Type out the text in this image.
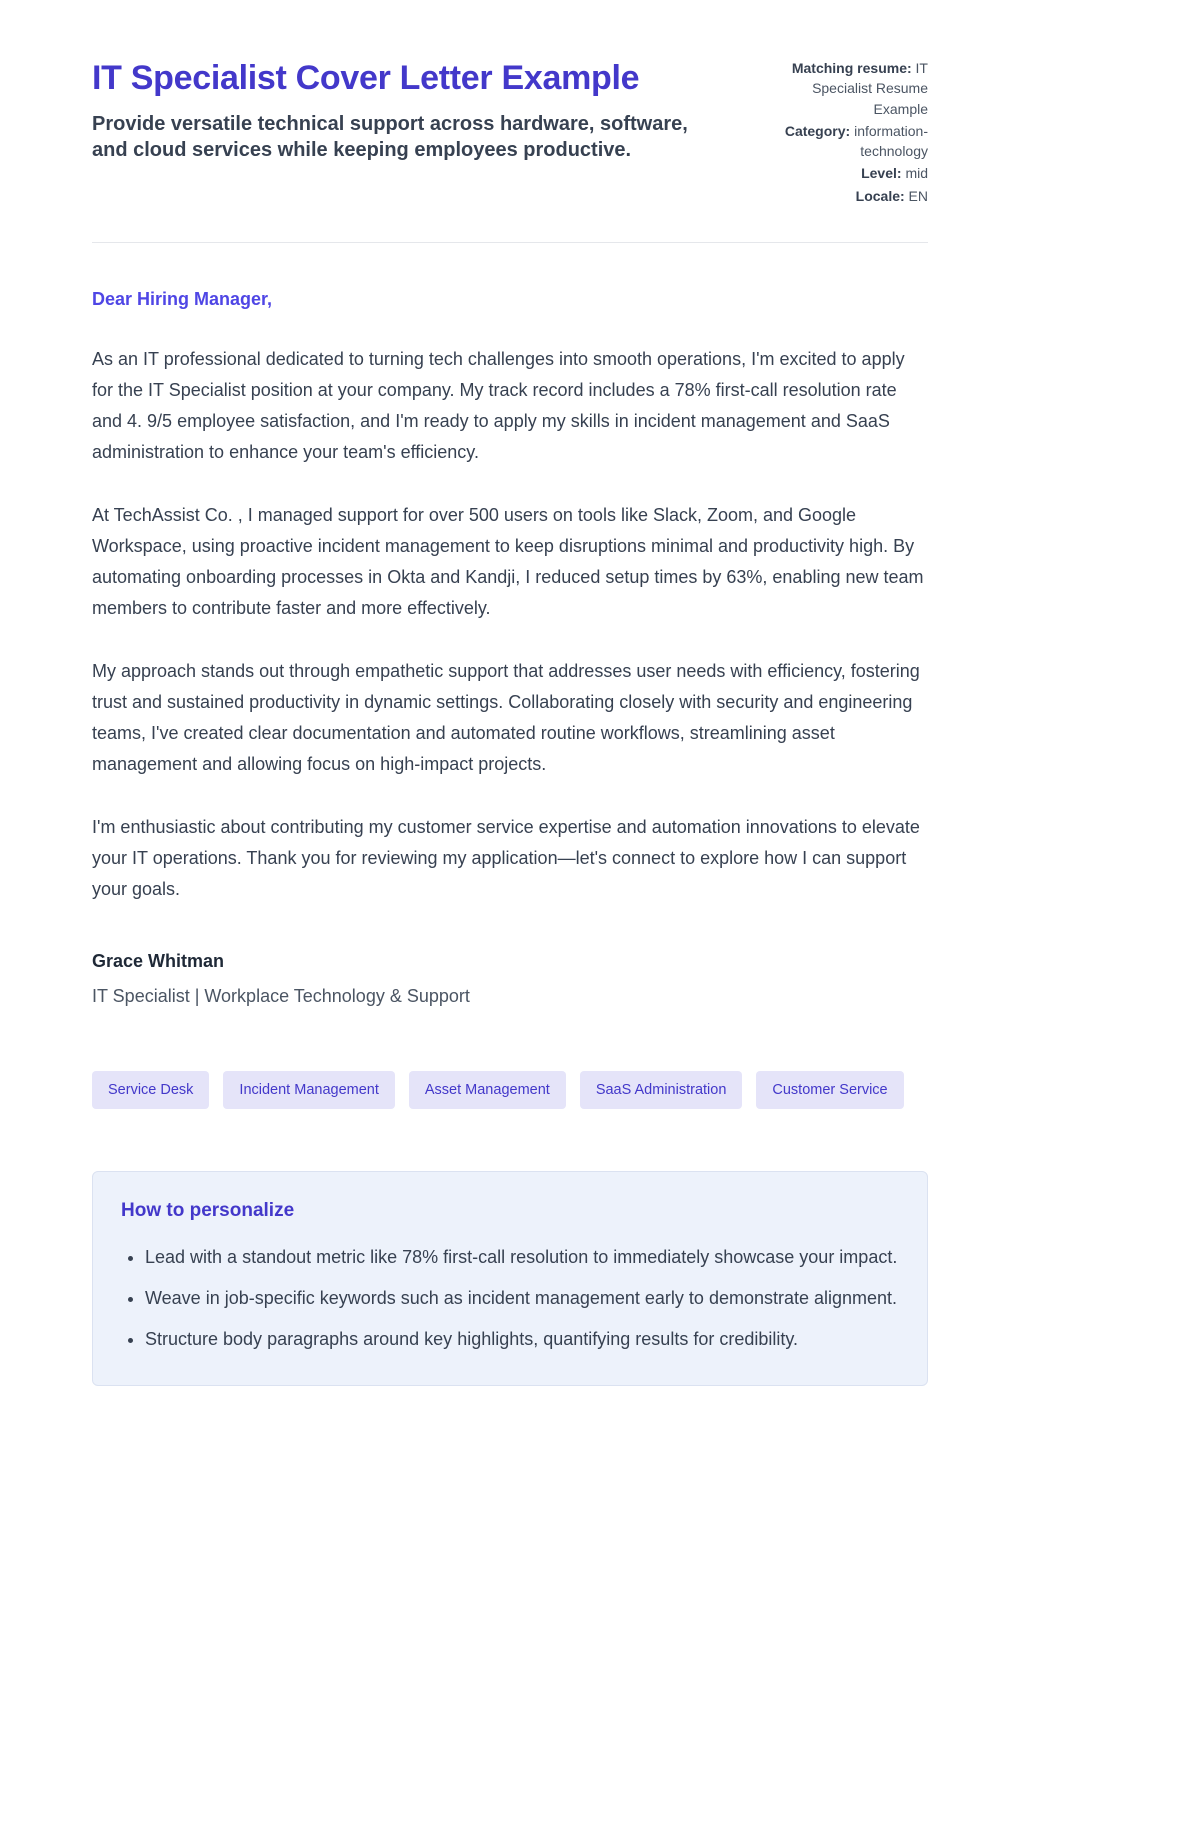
IT Specialist Cover Letter Example

Provide versatile technical support across hardware, software, and cloud services while keeping employees productive.

Matching resume: IT Specialist Resume Example
Category: information-technology
Level: mid
Locale: EN

Dear Hiring Manager,

As an IT professional dedicated to turning tech challenges into smooth operations, I'm excited to apply for the IT Specialist position at your company. My track record includes a 78% first-call resolution rate and 4. 9/5 employee satisfaction, and I'm ready to apply my skills in incident management and SaaS administration to enhance your team's efficiency.

At TechAssist Co. , I managed support for over 500 users on tools like Slack, Zoom, and Google Workspace, using proactive incident management to keep disruptions minimal and productivity high. By automating onboarding processes in Okta and Kandji, I reduced setup times by 63%, enabling new team members to contribute faster and more effectively.

My approach stands out through empathetic support that addresses user needs with efficiency, fostering trust and sustained productivity in dynamic settings. Collaborating closely with security and engineering teams, I've created clear documentation and automated routine workflows, streamlining asset management and allowing focus on high-impact projects.

I'm enthusiastic about contributing my customer service expertise and automation innovations to elevate your IT operations. Thank you for reviewing my application—let's connect to explore how I can support your goals.

Grace Whitman

IT Specialist | Workplace Technology & Support

Service Desk	Incident Management	Asset Management	SaaS Administration	Customer Service
How to personalize
• Lead with a standout metric like 78% first-call resolution to immediately showcase your impact.
• Weave in job-specific keywords such as incident management early to demonstrate alignment.
• Structure body paragraphs around key highlights, quantifying results for credibility.
